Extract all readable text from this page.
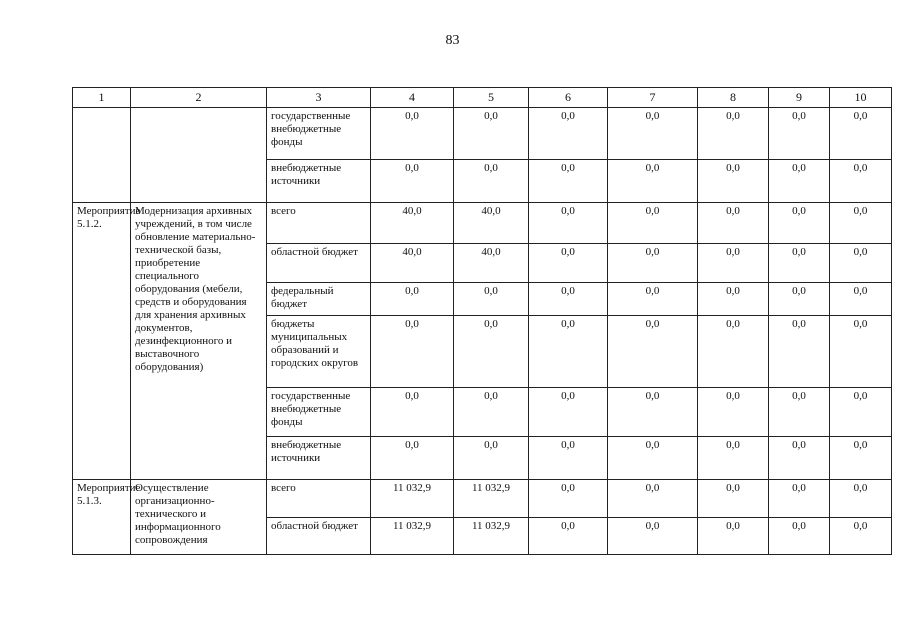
83
1	2	3	4	5	6	7	8	9	10
		государственные внебюджетные фонды	0,0	0,0	0,0	0,0	0,0	0,0	0,0
		внебюджетные источники	0,0	0,0	0,0	0,0	0,0	0,0	0,0
Мероприятие 5.1.2.	Модернизация архивных учреждений, в том числе обновление материально-технической базы, приобретение специального оборудования (мебели, средств и оборудования для хранения архивных документов, дезинфекционного и выставочного оборудования)	всего	40,0	40,0	0,0	0,0	0,0	0,0	0,0
		областной бюджет	40,0	40,0	0,0	0,0	0,0	0,0	0,0
		федеральный бюджет	0,0	0,0	0,0	0,0	0,0	0,0	0,0
		бюджеты муниципальных образований и городских округов	0,0	0,0	0,0	0,0	0,0	0,0	0,0
		государственные внебюджетные фонды	0,0	0,0	0,0	0,0	0,0	0,0	0,0
		внебюджетные источники	0,0	0,0	0,0	0,0	0,0	0,0	0,0
Мероприятие 5.1.3.	Осуществление организационно-технического и информационного сопровождения	всего	11 032,9	11 032,9	0,0	0,0	0,0	0,0	0,0
		областной бюджет	11 032,9	11 032,9	0,0	0,0	0,0	0,0	0,0
